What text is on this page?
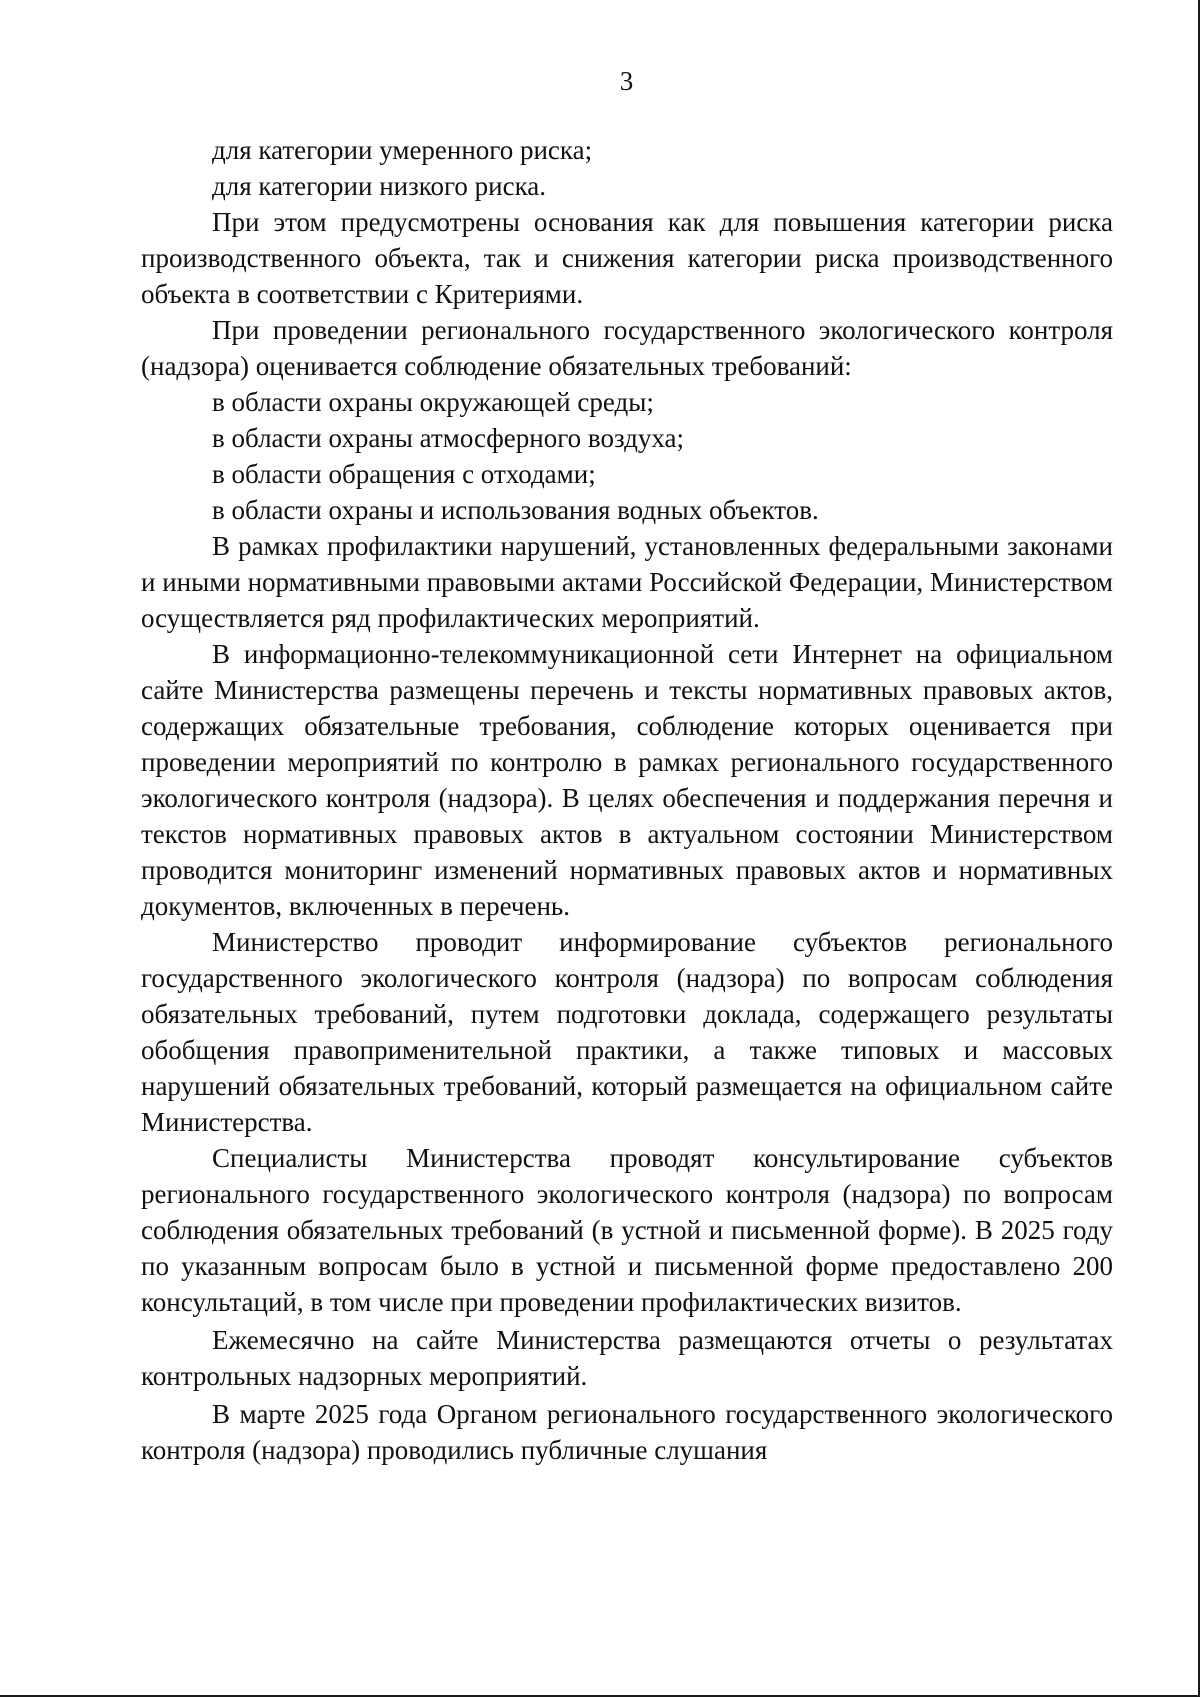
3

для категории умеренного риска;

для категории низкого риска.

При этом предусмотрены основания как для повышения категории риска производственного объекта, так и снижения категории риска производственного объекта в соответствии с Критериями.

При проведении регионального государственного экологического контроля (надзора) оценивается соблюдение обязательных требований:

в области охраны окружающей среды;

в области охраны атмосферного воздуха;

в области обращения с отходами;

в области охраны и использования водных объектов.

В рамках профилактики нарушений, установленных федеральными законами и иными нормативными правовыми актами Российской Федерации, Министерством осуществляется ряд профилактических мероприятий.

В информационно-телекоммуникационной сети Интернет на официальном сайте Министерства размещены перечень и тексты нормативных правовых актов, содержащих обязательные требования, соблюдение которых оценивается при проведении мероприятий по контролю в рамках регионального государственного экологического контроля (надзора). В целях обеспечения и поддержания перечня и текстов нормативных правовых актов в актуальном состоянии Министерством проводится мониторинг изменений нормативных правовых актов и нормативных документов, включенных в перечень.

Министерство проводит информирование субъектов регионального государственного экологического контроля (надзора) по вопросам соблюдения обязательных требований, путем подготовки доклада, содержащего результаты обобщения правоприменительной практики, а также типовых и массовых нарушений обязательных требований, который размещается на официальном сайте Министерства.

Специалисты Министерства проводят консультирование субъектов регионального государственного экологического контроля (надзора) по вопросам соблюдения обязательных требований (в устной и письменной форме). В 2025 году по указанным вопросам было в устной и письменной форме предоставлено 200 консультаций, в том числе при проведении профилактических визитов.

Ежемесячно на сайте Министерства размещаются отчеты о результатах контрольных надзорных мероприятий.

В марте 2025 года Органом регионального государственного экологического контроля (надзора) проводились публичные слушания
